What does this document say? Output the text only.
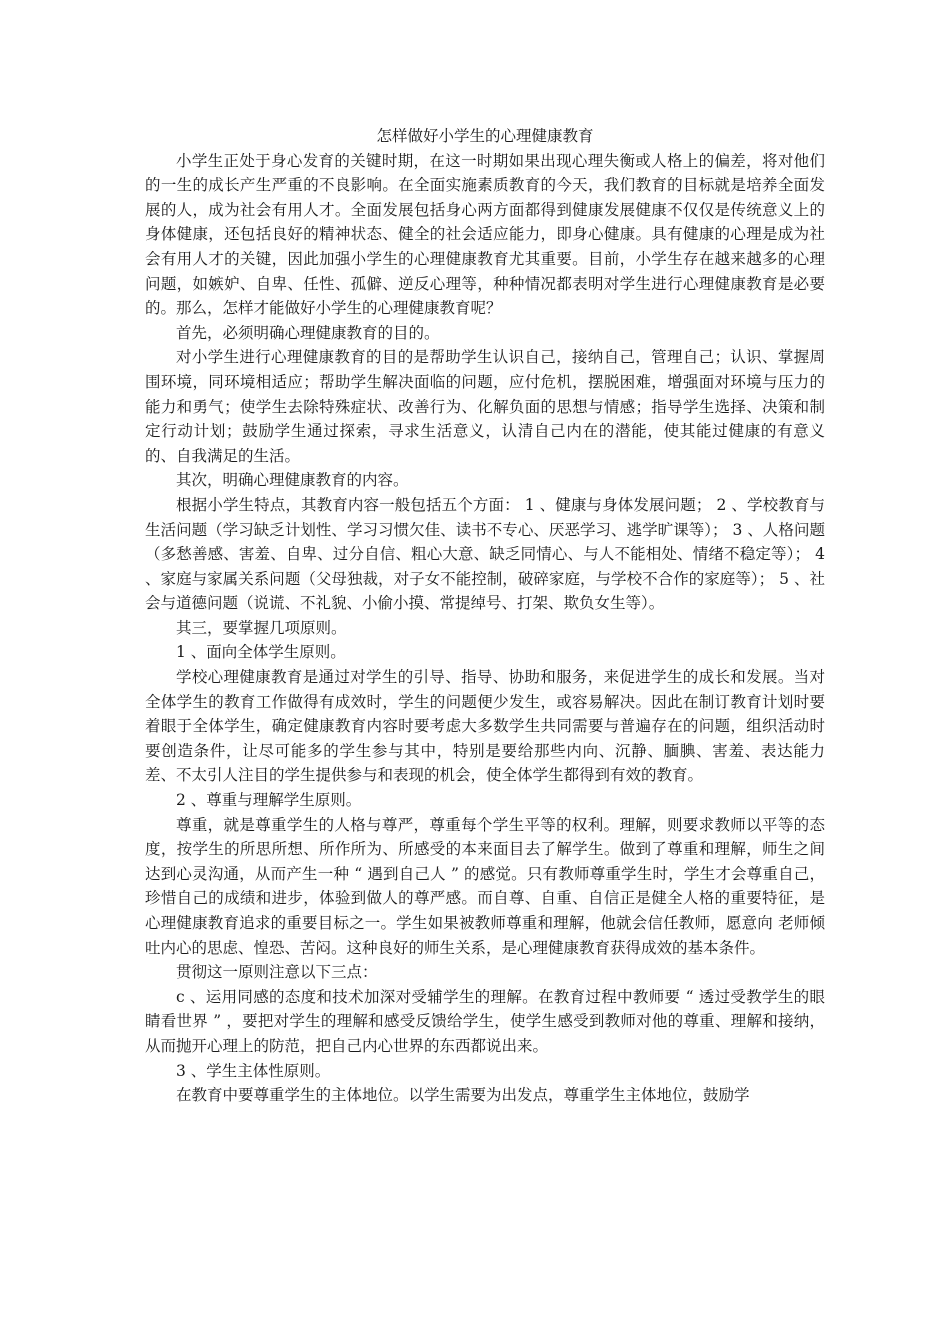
怎样做好小学生的心理健康教育

小学生正处于身心发育的关键时期，在这一时期如果出现心理失衡或人格上的偏差，将对他们的一生的成长产生严重的不良影响。在全面实施素质教育的今天，我们教育的目标就是培养全面发展的人，成为社会有用人才。全面发展包括身心两方面都得到健康发展健康不仅仅是传统意义上的身体健康，还包括良好的精神状态、健全的社会适应能力，即身心健康。具有健康的心理是成为社会有用人才的关键，因此加强小学生的心理健康教育尤其重要。目前，小学生存在越来越多的心理问题，如嫉妒、自卑、任性、孤僻、逆反心理等，种种情况都表明对学生进行心理健康教育是必要的。那么，怎样才能做好小学生的心理健康教育呢？

首先，必须明确心理健康教育的目的。

对小学生进行心理健康教育的目的是帮助学生认识自己，接纳自己，管理自己；认识、掌握周围环境，同环境相适应；帮助学生解决面临的问题，应付危机，摆脱困难，增强面对环境与压力的能力和勇气；使学生去除特殊症状、改善行为、化解负面的思想与情感；指导学生选择、决策和制定行动计划；鼓励学生通过探索，寻求生活意义，认清自己内在的潜能，使其能过健康的有意义的、自我满足的生活。

其次，明确心理健康教育的内容。

根据小学生特点，其教育内容一般包括五个方面： 1 、健康与身体发展问题； 2 、学校教育与生活问题（学习缺乏计划性、学习习惯欠佳、读书不专心、厌恶学习、逃学旷课等）； 3 、人格问题（多愁善感、害羞、自卑、过分自信、粗心大意、缺乏同情心、与人不能相处、情绪不稳定等）； 4 、家庭与家属关系问题（父母独裁，对子女不能控制，破碎家庭，与学校不合作的家庭等）； 5 、社会与道德问题（说谎、不礼貌、小偷小摸、常提绰号、打架、欺负女生等）。

其三，要掌握几项原则。

1 、面向全体学生原则。

学校心理健康教育是通过对学生的引导、指导、协助和服务，来促进学生的成长和发展。当对全体学生的教育工作做得有成效时，学生的问题便少发生，或容易解决。因此在制订教育计划时要着眼于全体学生，确定健康教育内容时要考虑大多数学生共同需要与普遍存在的问题，组织活动时要创造条件，让尽可能多的学生参与其中，特别是要给那些内向、沉静、腼腆、害羞、表达能力差、不太引人注目的学生提供参与和表现的机会，使全体学生都得到有效的教育。

2 、尊重与理解学生原则。

尊重，就是尊重学生的人格与尊严，尊重每个学生平等的权利。理解，则要求教师以平等的态度，按学生的所思所想、所作所为、所感受的本来面目去了解学生。做到了尊重和理解，师生之间达到心灵沟通，从而产生一种 “ 遇到自己人 ” 的感觉。只有教师尊重学生时，学生才会尊重自己，珍惜自己的成绩和进步，体验到做人的尊严感。而自尊、自重、自信正是健全人格的重要特征，是心理健康教育追求的重要目标之一。学生如果被教师尊重和理解，他就会信任教师，愿意向 老师倾吐内心的思虑、惶恐、苦闷。这种良好的师生关系，是心理健康教育获得成效的基本条件。

贯彻这一原则注意以下三点：

c 、运用同感的态度和技术加深对受辅学生的理解。在教育过程中教师要 “ 透过受教学生的眼睛看世界 ” ，要把对学生的理解和感受反馈给学生，使学生感受到教师对他的尊重、理解和接纳，从而抛开心理上的防范，把自己内心世界的东西都说出来。

3 、学生主体性原则。

在教育中要尊重学生的主体地位。以学生需要为出发点，尊重学生主体地位，鼓励学
